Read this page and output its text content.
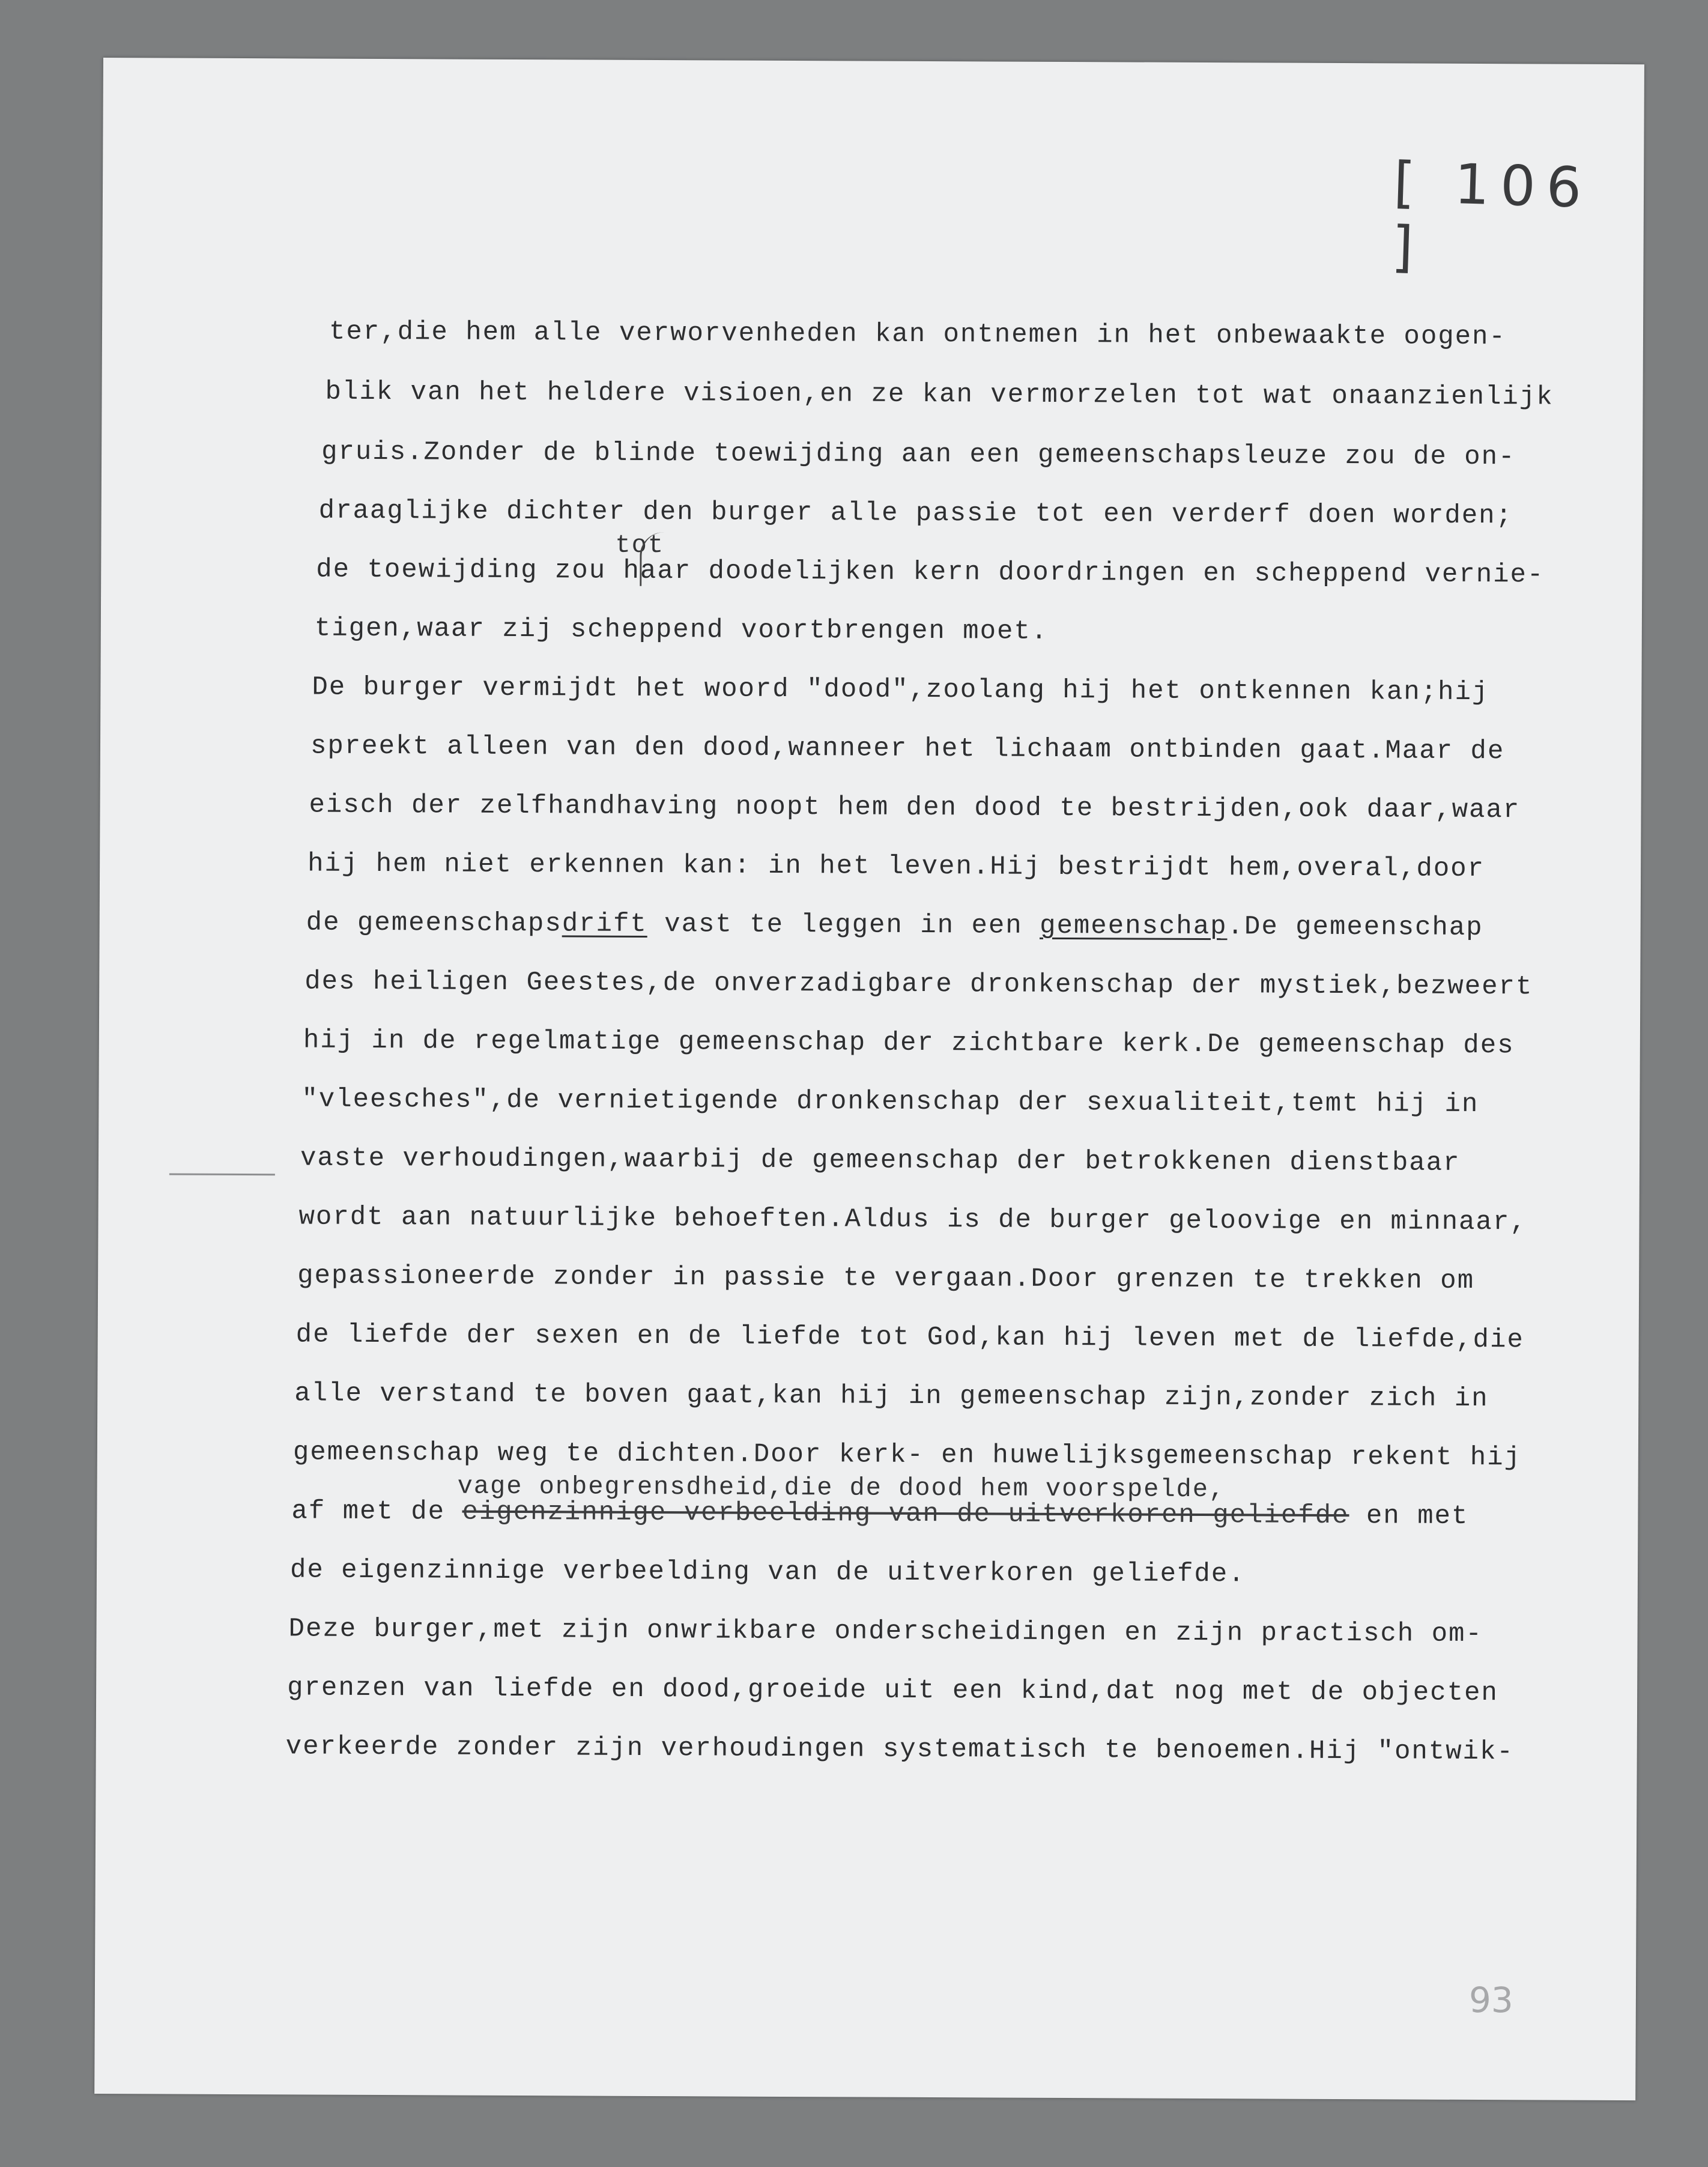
[ 106 ]
ter,die hem alle verworvenheden kan ontnemen in het onbewaakte oogen-
blik van het heldere visioen,en ze kan vermorzelen tot wat onaanzienlijk
gruis.Zonder de blinde toewijding aan een gemeenschapsleuze zou de on-
draaglijke dichter den burger alle passie tot een verderf doen worden;
tot
de toewijding zou haar doodelijken kern doordringen en scheppend vernie-
tigen,waar zij scheppend voortbrengen moet.
De burger vermijdt het woord "dood",zoolang hij het ontkennen kan;hij
spreekt alleen van den dood,wanneer het lichaam ontbinden gaat.Maar de
eisch der zelfhandhaving noopt hem den dood te bestrijden,ook daar,waar
hij hem niet erkennen kan: in het leven.Hij bestrijdt hem,overal,door
de gemeenschapsdrift vast te leggen in een gemeenschap.De gemeenschap
des heiligen Geestes,de onverzadigbare dronkenschap der mystiek,bezweert
hij in de regelmatige gemeenschap der zichtbare kerk.De gemeenschap des
"vleesches",de vernietigende dronkenschap der sexualiteit,temt hij in
vaste verhoudingen,waarbij de gemeenschap der betrokkenen dienstbaar
wordt aan natuurlijke behoeften.Aldus is de burger geloovige en minnaar,
gepassioneerde zonder in passie te vergaan.Door grenzen te trekken om
de liefde der sexen en de liefde tot God,kan hij leven met de liefde,die
alle verstand te boven gaat,kan hij in gemeenschap zijn,zonder zich in
gemeenschap weg te dichten.Door kerk- en huwelijksgemeenschap rekent hij
vage onbegrensdheid,die de dood hem voorspelde,
af met de eigenzinnige verbeelding van de uitverkoren geliefde en met
de eigenzinnige verbeelding van de uitverkoren geliefde.
Deze burger,met zijn onwrikbare onderscheidingen en zijn practisch om-
grenzen van liefde en dood,groeide uit een kind,dat nog met de objecten
verkeerde zonder zijn verhoudingen systematisch te benoemen.Hij "ontwik-
93
